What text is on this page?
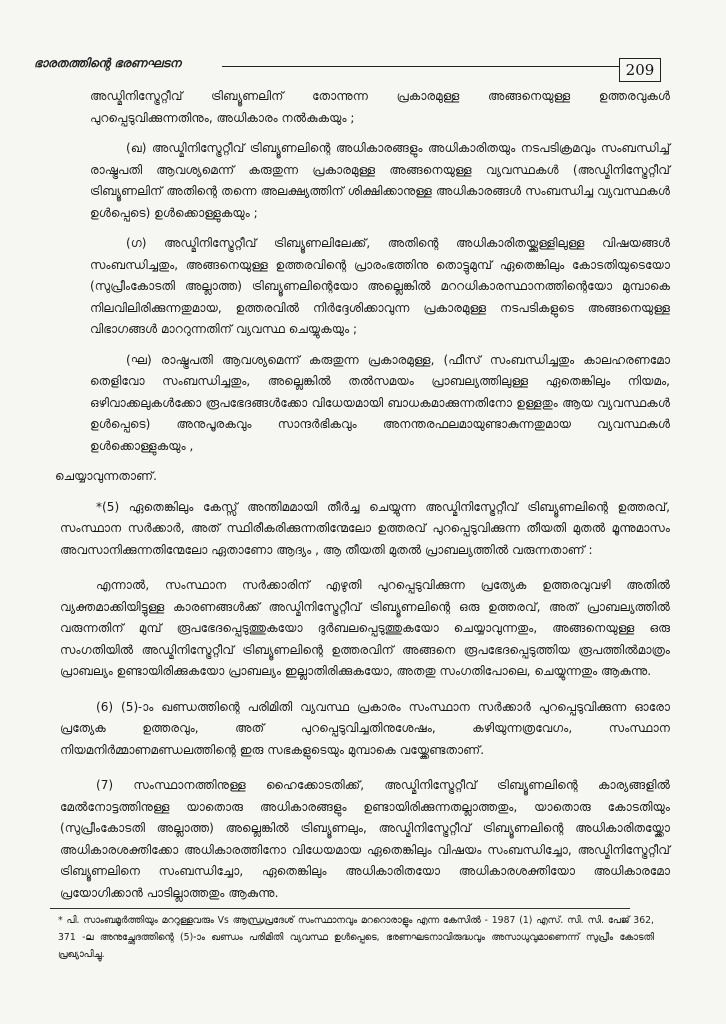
ഭാരതത്തിന്റെ ഭരണഘടന	209

അഡ്മിനിസ്ട്രേറ്റീവ് ട്രിബ്യൂണലിന് തോന്നുന്ന പ്രകാരമുള്ള അങ്ങനെയുള്ള ഉത്തരവുകൾ പുറപ്പെടുവിക്കുന്നതിനും, അധികാരം നൽകുകയും ;

(ഖ) അഡ്മിനിസ്ട്രേറ്റീവ് ട്രിബ്യൂണലിന്റെ അധികാരങ്ങളും അധികാരിതയും നടപടിക്രമവും സംബന്ധിച്ച് രാഷ്ട്രപതി ആവശ്യമെന്ന് കരുതുന്ന പ്രകാരമുള്ള അങ്ങനെയുള്ള വ്യവസ്ഥകൾ (അഡ്മിനിസ്ട്രേറ്റീവ് ട്രിബ്യൂണലിന് അതിന്റെ തന്നെ അലക്ഷ്യത്തിന് ശിക്ഷിക്കാനുള്ള അധികാരങ്ങൾ സംബന്ധിച്ച വ്യവസ്ഥകൾ ഉൾപ്പെടെ) ഉൾക്കൊള്ളുകയും ;

(ഗ) അഡ്മിനിസ്ട്രേറ്റീവ് ട്രിബ്യൂണലിലേക്ക്, അതിന്റെ അധികാരിതയ്ക്കുള്ളിലുള്ള വിഷയങ്ങൾ സംബന്ധിച്ചതും, അങ്ങനെയുള്ള ഉത്തരവിന്റെ പ്രാരംഭത്തിനു തൊട്ടുമുമ്പ് ഏതെങ്കിലും കോടതിയുടെയോ (സുപ്രീംകോടതി അല്ലാത്ത) ട്രിബ്യൂണലിന്റെയോ അല്ലെങ്കിൽ മററധികാരസ്ഥാനത്തിന്റെയോ മുമ്പാകെ നിലവിലിരിക്കുന്നതുമായ, ഉത്തരവിൽ നിർദ്ദേശിക്കാവുന്ന പ്രകാരമുള്ള നടപടികളുടെ അങ്ങനെയുള്ള വിഭാഗങ്ങൾ മാററുന്നതിന് വ്യവസ്ഥ ചെയ്യുകയും ;

(ഘ) രാഷ്ട്രപതി ആവശ്യമെന്ന് കരുതുന്ന പ്രകാരമുള്ള, (ഫീസ് സംബന്ധിച്ചതും കാലഹരണമോ തെളിവോ സംബന്ധിച്ചതും, അല്ലെങ്കിൽ തൽസമയം പ്രാബല്യത്തിലുള്ള ഏതെങ്കിലും നിയമം, ഒഴിവാക്കലുകൾക്കോ രൂപഭേദങ്ങൾക്കോ വിധേയമായി ബാധകമാക്കുന്നതിനോ ഉള്ളതും ആയ വ്യവസ്ഥകൾ ഉൾപ്പെടെ) അനുപൂരകവും സാന്ദർഭികവും അനന്തരഫലമായുണ്ടാകുന്നതുമായ വ്യവസ്ഥകൾ ഉൾക്കൊള്ളുകയും ,

ചെയ്യാവുന്നതാണ്.

*(5) ഏതെങ്കിലും കേസ്സ് അന്തിമമായി തീർച്ച ചെയ്യുന്ന അഡ്മിനിസ്ട്രേറ്റീവ് ട്രിബ്യൂണലിന്റെ ഉത്തരവ്, സംസ്ഥാന സർക്കാർ, അത് സ്ഥിരീകരിക്കുന്നതിന്മേലോ ഉത്തരവ് പുറപ്പെടുവിക്കുന്ന തീയതി മുതൽ മൂന്നുമാസം അവസാനിക്കുന്നതിന്മേലോ ഏതാണോ ആദ്യം , ആ തീയതി മുതൽ പ്രാബല്യത്തിൽ വരുന്നതാണ് :

എന്നാൽ, സംസ്ഥാന സർക്കാരിന് എഴുതി പുറപ്പെടുവിക്കുന്ന പ്രത്യേക ഉത്തരവുവഴി അതിൽ വ്യക്തമാക്കിയിട്ടുള്ള കാരണങ്ങൾക്ക് അഡ്മിനിസ്ട്രേറ്റീവ് ട്രിബ്യൂണലിന്റെ ഒരു ഉത്തരവ്, അത് പ്രാബല്യത്തിൽ വരുന്നതിന് മുമ്പ് രൂപഭേദപ്പെടുത്തുകയോ ദുർബലപ്പെടുത്തുകയോ ചെയ്യാവുന്നതും, അങ്ങനെയുള്ള ഒരു സംഗതിയിൽ അഡ്മിനിസ്ട്രേറ്റീവ് ട്രിബ്യൂണലിന്റെ ഉത്തരവിന് അങ്ങനെ രൂപഭേദപ്പെടുത്തിയ രൂപത്തിൽമാത്രം പ്രാബല്യം ഉണ്ടായിരിക്കുകയോ പ്രാബല്യം ഇല്ലാതിരിക്കുകയോ, അതതു സംഗതിപോലെ, ചെയ്യുന്നതും ആകുന്നു.

(6) (5)-ാം ഖണ്ഡത്തിന്റെ പരിമിതി വ്യവസ്ഥ പ്രകാരം സംസ്ഥാന സർക്കാർ പുറപ്പെടുവിക്കുന്ന ഓരോ പ്രത്യേക ഉത്തരവും, അത് പുറപ്പെടുവിച്ചതിനുശേഷം, കഴിയുന്നത്രവേഗം, സംസ്ഥാന നിയമനിർമ്മാണമണ്ഡലത്തിന്റെ ഇരു സഭകളുടെയും മുമ്പാകെ വയ്ക്കേണ്ടതാണ്.

(7) സംസ്ഥാനത്തിനുള്ള ഹൈക്കോടതിക്ക്, അഡ്മിനിസ്ട്രേറ്റീവ് ട്രിബ്യൂണലിന്റെ കാര്യങ്ങളിൽ മേൽനോട്ടത്തിനുള്ള യാതൊരു അധികാരങ്ങളും ഉണ്ടായിരിക്കുന്നതല്ലാത്തതും, യാതൊരു കോടതിയും (സുപ്രീംകോടതി അല്ലാത്ത) അല്ലെങ്കിൽ ട്രിബ്യൂണലും, അഡ്മിനിസ്ട്രേറ്റീവ് ട്രിബ്യൂണലിന്റെ അധികാരിതയ്ക്കോ അധികാരശക്തിക്കോ അധികാരത്തിനോ വിധേയമായ ഏതെങ്കിലും വിഷയം സംബന്ധിച്ചോ, അഡ്മിനിസ്ട്രേറ്റീവ് ട്രിബ്യൂണലിനെ സംബന്ധിച്ചോ, ഏതെങ്കിലും അധികാരിതയോ അധികാരശക്തിയോ അധികാരമോ പ്രയോഗിക്കാൻ പാടില്ലാത്തതും ആകുന്നു.

* പി. സാംബമൂർത്തിയും മററുള്ളവരും Vs ആന്ധ്രപ്രദേശ് സംസ്ഥാനവും മററൊരാളും എന്ന കേസിൽ - 1987 (1) എസ്. സി. സി. പേജ് 362, 371 -ല അനുച്ഛേദത്തിന്റെ (5)-ാം ഖണ്ഡം പരിമിതി വ്യവസ്ഥ ഉൾപ്പെടെ, ഭരണഘടനാവിരുദ്ധവും അസാധുവുമാണെന്ന് സുപ്രീം കോടതി പ്രഖ്യാപിച്ചു.
